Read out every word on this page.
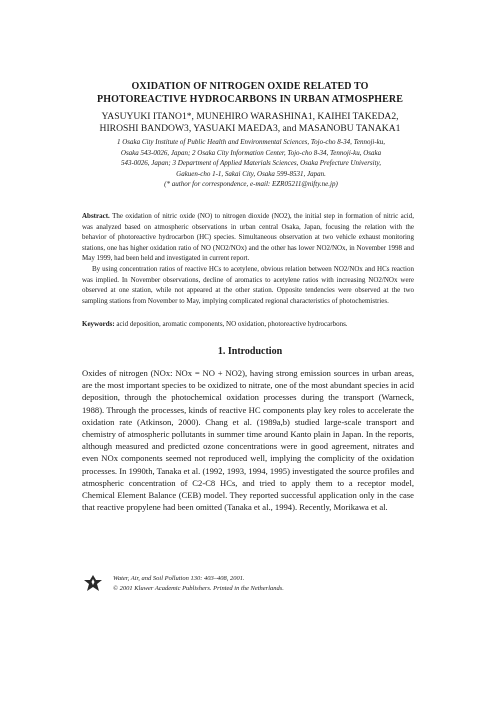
OXIDATION OF NITROGEN OXIDE RELATED TO
PHOTOREACTIVE HYDROCARBONS IN URBAN ATMOSPHERE
YASUYUKI ITANO1*, MUNEHIRO WARASHINA1, KAIHEI TAKEDA2,
HIROSHI BANDOW3, YASUAKI MAEDA3, and MASANOBU TANAKA1
1 Osaka City Institute of Public Health and Environmental Sciences, Tojo-cho 8-34, Tennoji-ku,
Osaka 543-0026, Japan; 2 Osaka City Information Center, Tojo-cho 8-34, Tennoji-ku, Osaka
543-0026, Japan; 3 Department of Applied Materials Sciences, Osaka Prefecture University,
Gakuen-cho 1-1, Sakai City, Osaka 599-8531, Japan.
(* author for correspondence, e-mail: EZR05211@nifty.ne.jp)
Abstract. The oxidation of nitric oxide (NO) to nitrogen dioxide (NO2), the initial step in formation of nitric acid, was analyzed based on atmospheric observations in urban central Osaka, Japan, focusing the relation with the behavior of photoreactive hydrocarbon (HC) species. Simultaneous observation at two vehicle exhaust monitoring stations, one has higher oxidation ratio of NO (NO2/NOx) and the other has lower NO2/NOx, in November 1998 and May 1999, had been held and investigated in current report.
By using concentration ratios of reactive HCs to acetylene, obvious relation between NO2/NOx and HCs reaction was implied. In November observations, decline of aromatics to acetylene ratios with increasing NO2/NOx were observed at one station, while not appeared at the other station. Opposite tendencies were observed at the two sampling stations from November to May, implying complicated regional characteristics of photochemistries.
Keywords: acid deposition, aromatic components, NO oxidation, photoreactive hydrocarbons.
1. Introduction
Oxides of nitrogen (NOx: NOx = NO + NO2), having strong emission sources in urban areas, are the most important species to be oxidized to nitrate, one of the most abundant species in acid deposition, through the photochemical oxidation processes during the transport (Warneck, 1988). Through the processes, kinds of reactive HC components play key roles to accelerate the oxidation rate (Atkinson, 2000). Chang et al. (1989a,b) studied large-scale transport and chemistry of atmospheric pollutants in summer time around Kanto plain in Japan. In the reports, although measured and predicted ozone concentrations were in good agreement, nitrates and even NOx components seemed not reproduced well, implying the complicity of the oxidation processes. In 1990th, Tanaka et al. (1992, 1993, 1994, 1995) investigated the source profiles and atmospheric concentration of C2-C8 HCs, and tried to apply them to a receptor model, Chemical Element Balance (CEB) model. They reported successful application only in the case that reactive propylene had been omitted (Tanaka et al., 1994). Recently, Morikawa et al.
Water, Air, and Soil Pollution 130: 403–408, 2001.
© 2001 Kluwer Academic Publishers. Printed in the Netherlands.
